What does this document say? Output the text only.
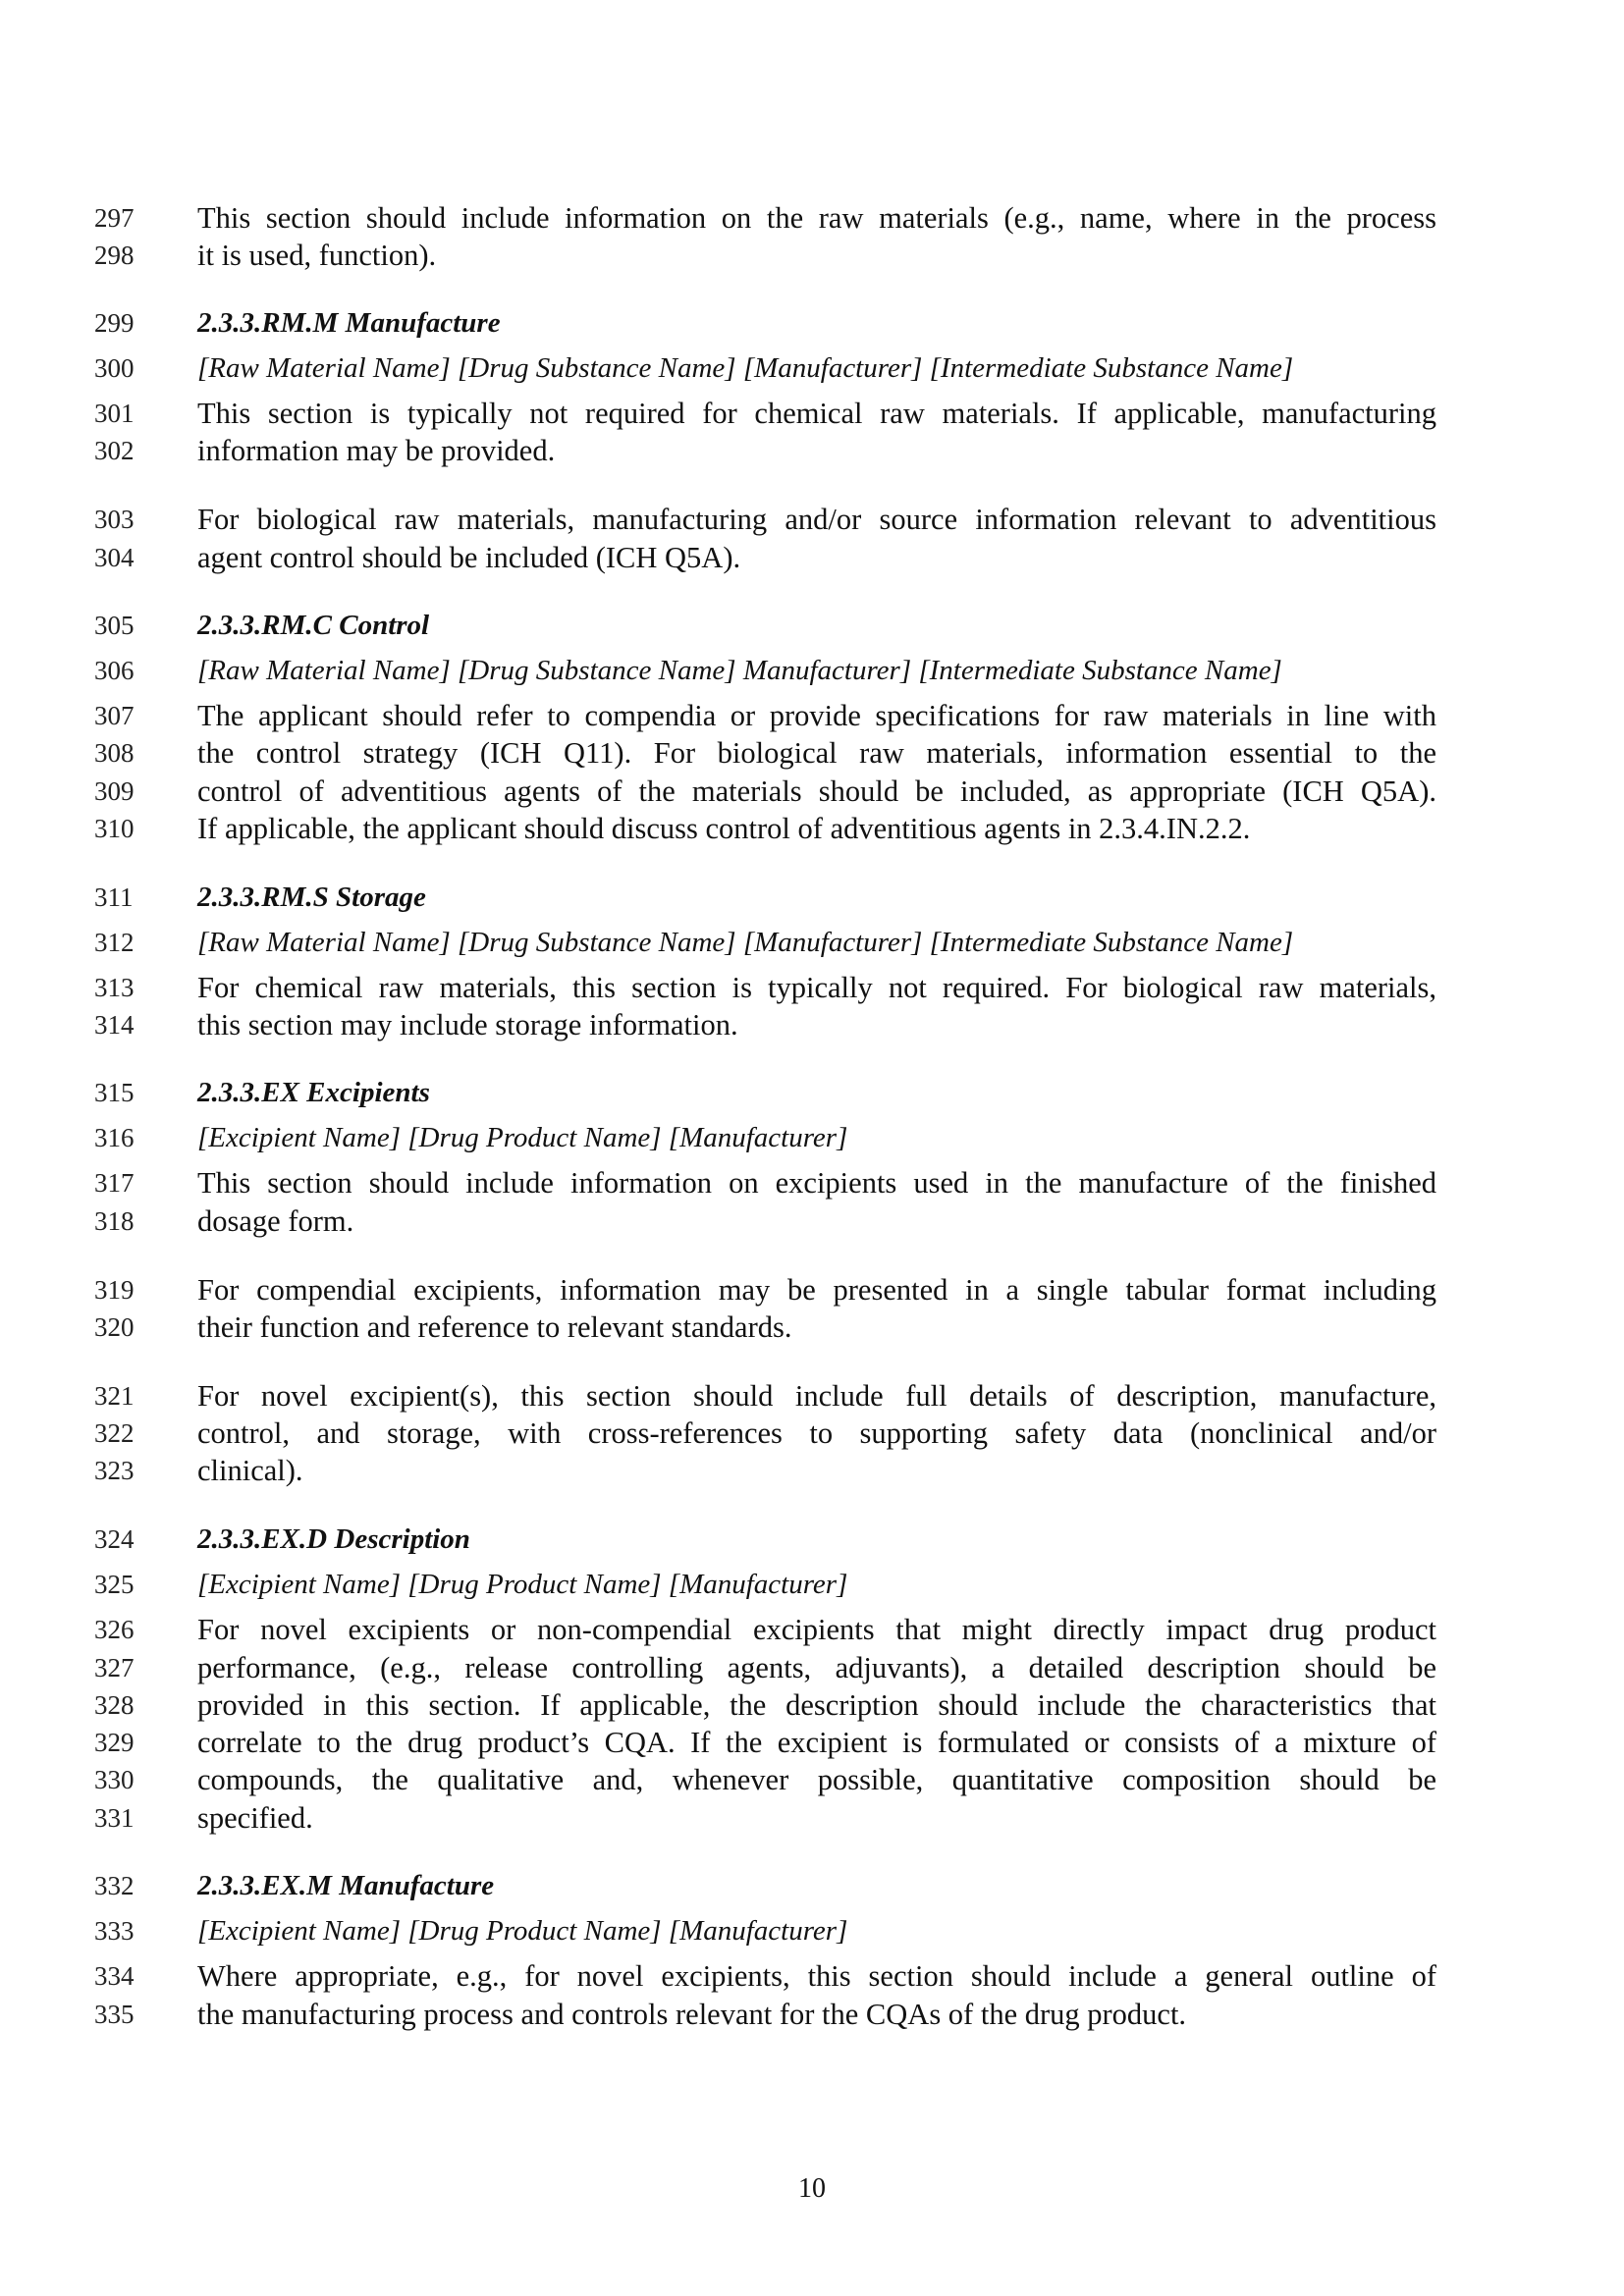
297	This section should include information on the raw materials (e.g., name, where in the process
298	it is used, function).
299	2.3.3.RM.M Manufacture
300	[Raw Material Name] [Drug Substance Name] [Manufacturer] [Intermediate Substance Name]
301	This section is typically not required for chemical raw materials. If applicable, manufacturing
302	information may be provided.
303	For biological raw materials, manufacturing and/or source information relevant to adventitious
304	agent control should be included (ICH Q5A).
305	2.3.3.RM.C Control
306	[Raw Material Name] [Drug Substance Name] Manufacturer] [Intermediate Substance Name]
307	The applicant should refer to compendia or provide specifications for raw materials in line with
308	the control strategy (ICH Q11). For biological raw materials, information essential to the
309	control of adventitious agents of the materials should be included, as appropriate (ICH Q5A).
310	If applicable, the applicant should discuss control of adventitious agents in 2.3.4.IN.2.2.
311	2.3.3.RM.S Storage
312	[Raw Material Name] [Drug Substance Name] [Manufacturer] [Intermediate Substance Name]
313	For chemical raw materials, this section is typically not required. For biological raw materials,
314	this section may include storage information.
315	2.3.3.EX Excipients
316	[Excipient Name] [Drug Product Name] [Manufacturer]
317	This section should include information on excipients used in the manufacture of the finished
318	dosage form.
319	For compendial excipients, information may be presented in a single tabular format including
320	their function and reference to relevant standards.
321	For novel excipient(s), this section should include full details of description, manufacture,
322	control, and storage, with cross-references to supporting safety data (nonclinical and/or
323	clinical).
324	2.3.3.EX.D Description
325	[Excipient Name] [Drug Product Name] [Manufacturer]
326	For novel excipients or non-compendial excipients that might directly impact drug product
327	performance, (e.g., release controlling agents, adjuvants), a detailed description should be
328	provided in this section. If applicable, the description should include the characteristics that
329	correlate to the drug product’s CQA. If the excipient is formulated or consists of a mixture of
330	compounds, the qualitative and, whenever possible, quantitative composition should be
331	specified.
332	2.3.3.EX.M Manufacture
333	[Excipient Name] [Drug Product Name] [Manufacturer]
334	Where appropriate, e.g., for novel excipients, this section should include a general outline of
335	the manufacturing process and controls relevant for the CQAs of the drug product.
10
